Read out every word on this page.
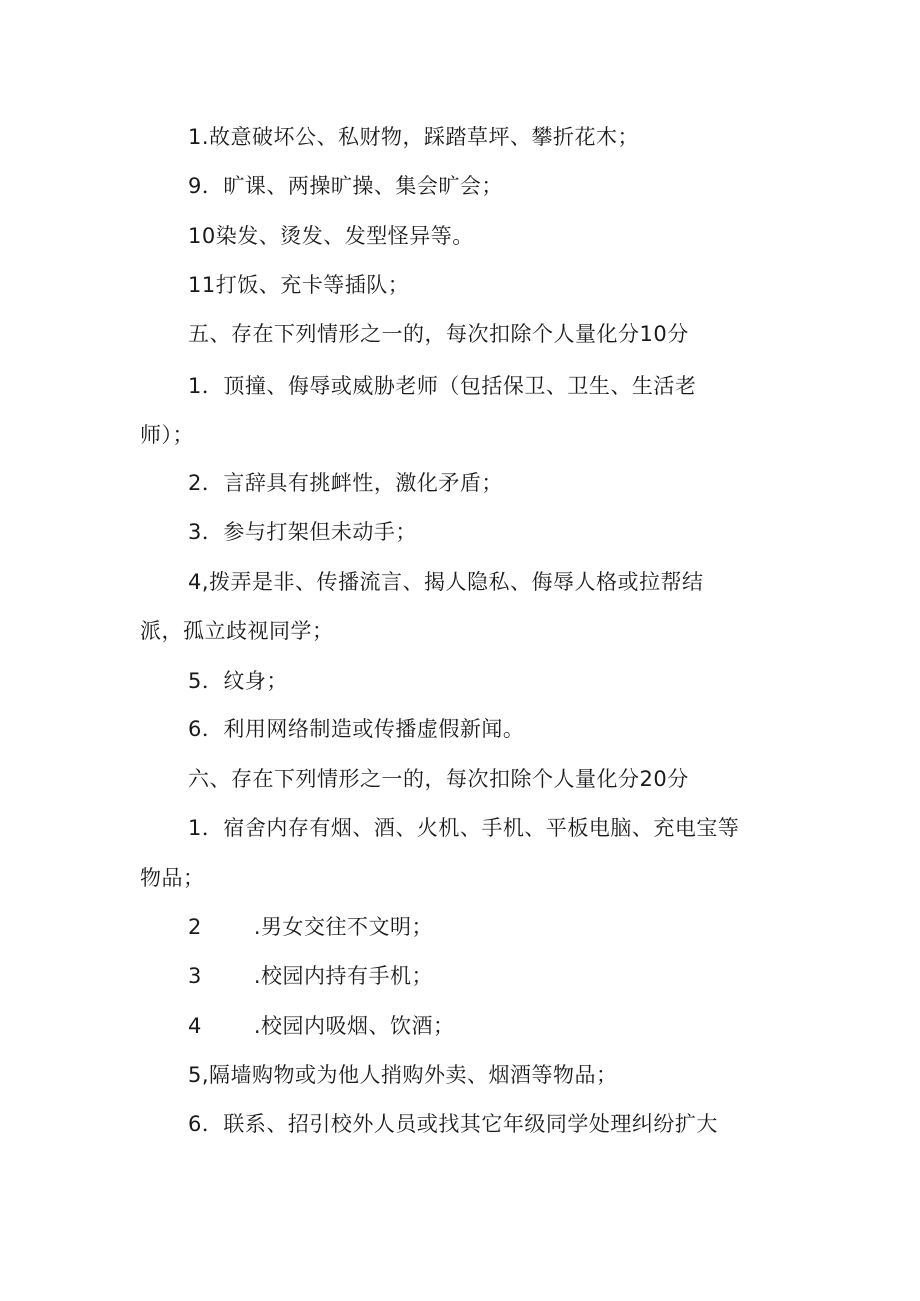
1.故意破坏公、私财物，踩踏草坪、攀折花木；
9．旷课、两操旷操、集会旷会；
10染发、烫发、发型怪异等。
11打饭、充卡等插队；
五、存在下列情形之一的，每次扣除个人量化分10分
1．顶撞、侮辱或威胁老师（包括保卫、卫生、生活老
师）；
2．言辞具有挑衅性，激化矛盾；
3．参与打架但未动手；
4,拨弄是非、传播流言、揭人隐私、侮辱人格或拉帮结
派，孤立歧视同学；
5．纹身；
6．利用网络制造或传播虚假新闻。
六、存在下列情形之一的，每次扣除个人量化分20分
1．宿舍内存有烟、酒、火机、手机、平板电脑、充电宝等
物品；
2 .男女交往不文明；
3 .校园内持有手机；
4 .校园内吸烟、饮酒；
5,隔墙购物或为他人捎购外卖、烟酒等物品；
6．联系、招引校外人员或找其它年级同学处理纠纷扩大
